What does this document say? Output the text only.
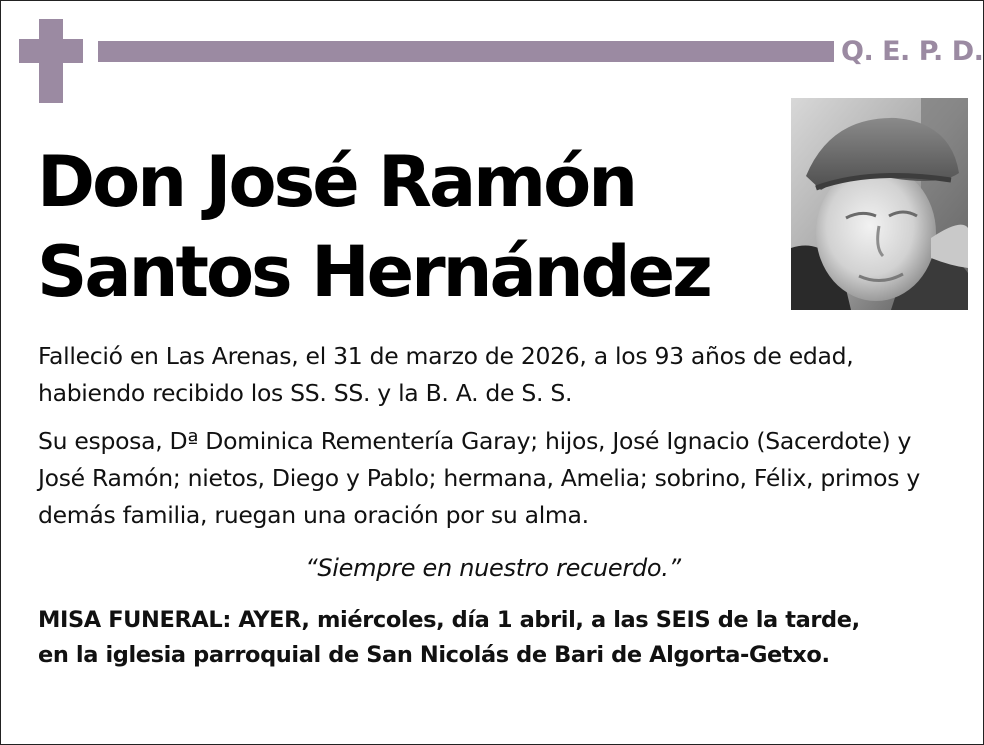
Q. E. P. D.
Don José Ramón
Santos Hernández

Falleció en Las Arenas, el 31 de marzo de 2026, a los 93 años de edad, habiendo recibido los SS. SS. y la B. A. de S. S.

Su esposa, Dª Dominica Rementería Garay; hijos, José Ignacio (Sacerdote) y José Ramón; nietos, Diego y Pablo; hermana, Amelia; sobrino, Félix, primos y demás familia, ruegan una oración por su alma.

“Siempre en nuestro recuerdo.”

MISA FUNERAL: AYER, miércoles, día 1 abril, a las SEIS de la tarde,
en la iglesia parroquial de San Nicolás de Bari de Algorta-Getxo.
